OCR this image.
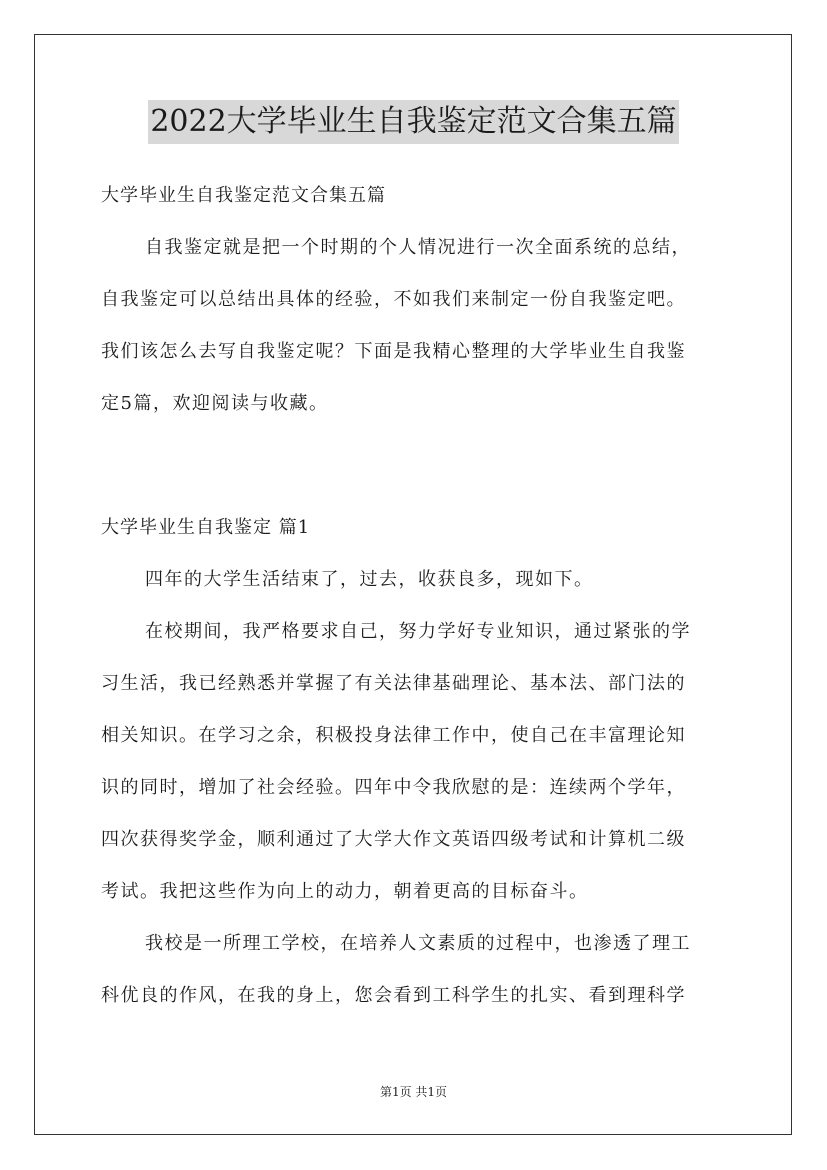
2022大学毕业生自我鉴定范文合集五篇
大学毕业生自我鉴定范文合集五篇
自我鉴定就是把一个时期的个人情况进行一次全面系统的总结，
自我鉴定可以总结出具体的经验，不如我们来制定一份自我鉴定吧。
我们该怎么去写自我鉴定呢？下面是我精心整理的大学毕业生自我鉴
定5篇，欢迎阅读与收藏。
大学毕业生自我鉴定 篇1
四年的大学生活结束了，过去，收获良多，现如下。
在校期间，我严格要求自己，努力学好专业知识，通过紧张的学
习生活，我已经熟悉并掌握了有关法律基础理论、基本法、部门法的
相关知识。在学习之余，积极投身法律工作中，使自己在丰富理论知
识的同时，增加了社会经验。四年中令我欣慰的是：连续两个学年，
四次获得奖学金，顺利通过了大学大作文英语四级考试和计算机二级
考试。我把这些作为向上的动力，朝着更高的目标奋斗。
我校是一所理工学校，在培养人文素质的过程中，也渗透了理工
科优良的作风，在我的身上，您会看到工科学生的扎实、看到理科学
第1页 共1页
